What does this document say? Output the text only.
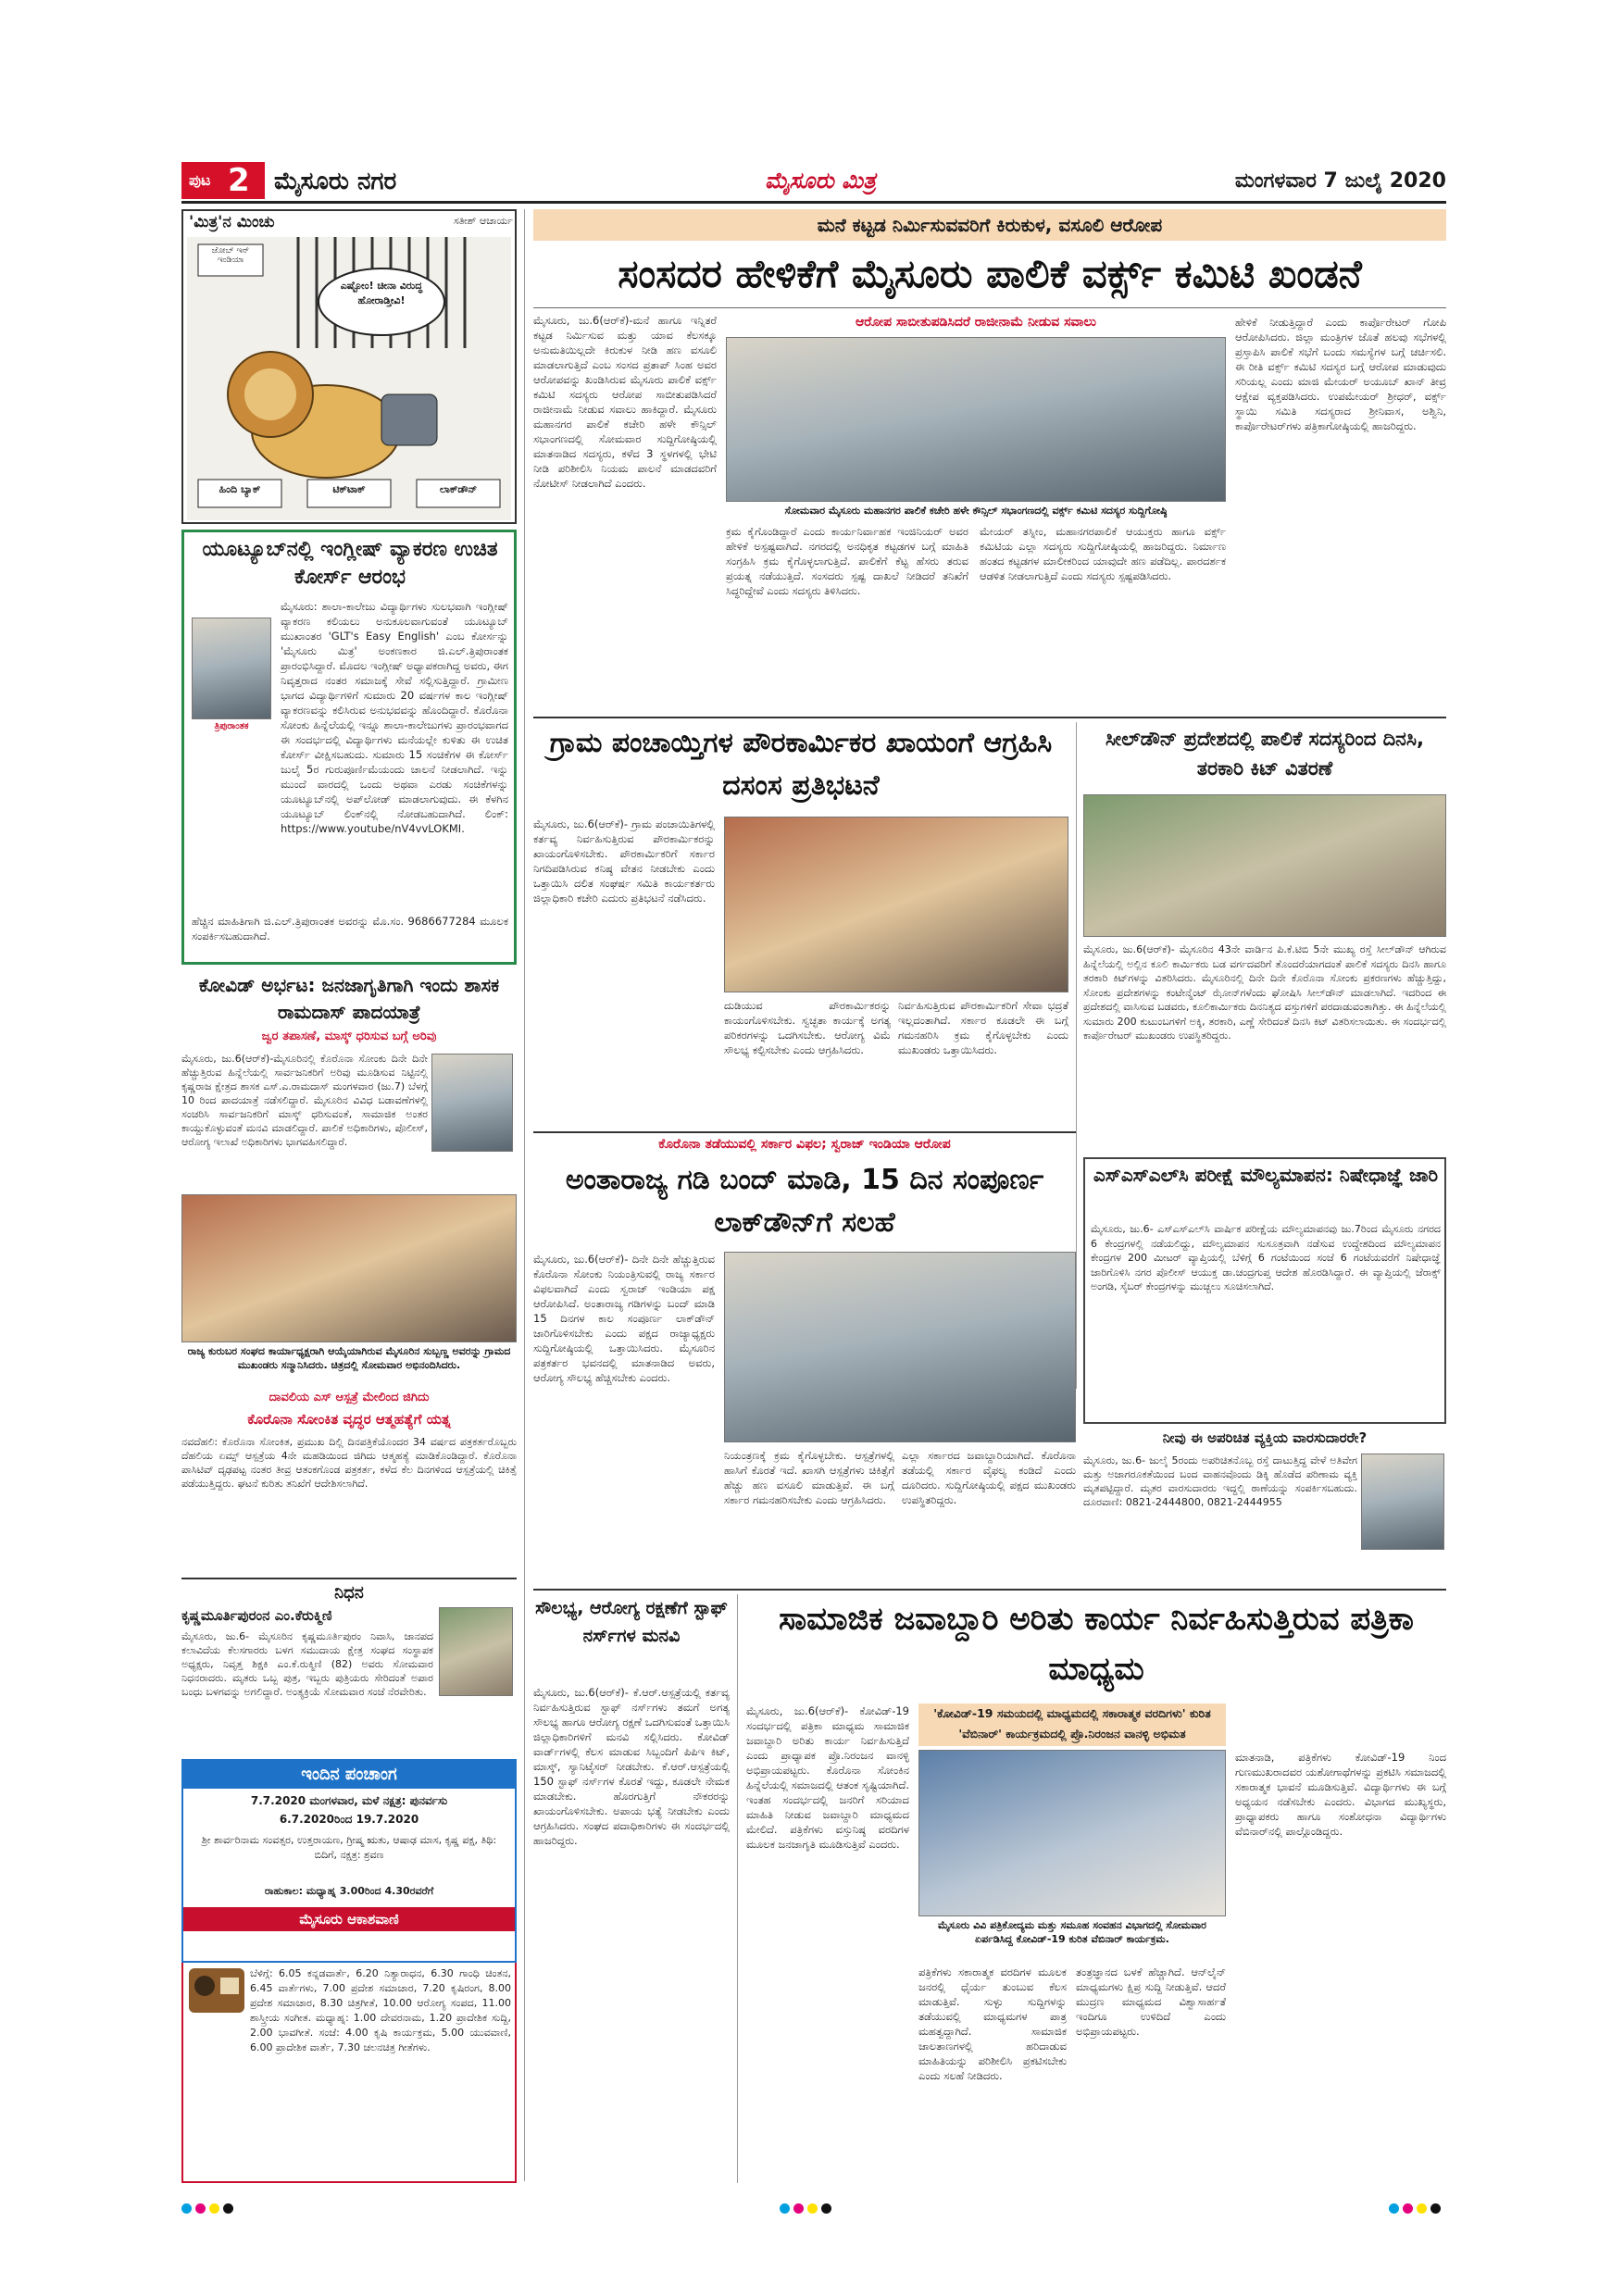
ಪುಟ 2 ಮೈಸೂರು ನಗರ	ಮೈಸೂರು ಮಿತ್ರ	ಮಂಗಳವಾರ 7 ಜುಲೈ 2020
'ಮಿತ್ರ'ನ ಮಿಂಚು	ಸತೀಶ್ ಆಚಾರ್ಯ
ಎಷ್ಟೋಂ! ಚೀನಾ ವಿರುದ್ಧ ಹೋರಾಡ್ತೀವಿ!
ಜೋಬ್ ಇನ್ ಇಂಡಿಯಾ
ಹಿಂದಿ ಬ್ಯಾಕ್	ಟಿಕ್‌ಟಾಕ್	ಲಾಕ್‌ಡೌನ್
ಯೂಟ್ಯೂಬ್‌ನಲ್ಲಿ ಇಂಗ್ಲೀಷ್ ವ್ಯಾಕರಣ ಉಚಿತ ಕೋರ್ಸ್ ಆರಂಭ
ತ್ರಿಪುರಾಂತಕ
ಮೈಸೂರು: ಶಾಲಾ-ಕಾಲೇಜು ವಿದ್ಯಾರ್ಥಿಗಳು ಸುಲಭವಾಗಿ ಇಂಗ್ಲೀಷ್ ವ್ಯಾಕರಣ ಕಲಿಯಲು ಅನುಕೂಲವಾಗುವಂತೆ ಯೂಟ್ಯೂಬ್ ಮುಖಾಂತರ 'GLT's Easy English' ಎಂಬ ಕೋರ್ಸನ್ನು 'ಮೈಸೂರು ಮಿತ್ರ' ಅಂಕಣಕಾರ ಜಿ.ಎಲ್.ತ್ರಿಪುರಾಂತಕ ಪ್ರಾರಂಭಿಸಿದ್ದಾರೆ. ಮೊದಲ ಇಂಗ್ಲೀಷ್ ಅಧ್ಯಾಪಕರಾಗಿದ್ದ ಅವರು, ಈಗ ನಿವೃತ್ತರಾದ ನಂತರ ಸಮಾಜಕ್ಕೆ ಸೇವೆ ಸಲ್ಲಿಸುತ್ತಿದ್ದಾರೆ. ಗ್ರಾಮೀಣ ಭಾಗದ ವಿದ್ಯಾರ್ಥಿಗಳಿಗೆ ಸುಮಾರು 20 ವರ್ಷಗಳ ಕಾಲ ಇಂಗ್ಲೀಷ್ ವ್ಯಾಕರಣವನ್ನು ಕಲಿಸಿರುವ ಅನುಭವವನ್ನು ಹೊಂದಿದ್ದಾರೆ. ಕೊರೊನಾ ಸೋಂಕು ಹಿನ್ನೆಲೆಯಲ್ಲಿ ಇನ್ನೂ ಶಾಲಾ-ಕಾಲೇಜುಗಳು ಪ್ರಾರಂಭವಾಗದ ಈ ಸಂದರ್ಭದಲ್ಲಿ ವಿದ್ಯಾರ್ಥಿಗಳು ಮನೆಯಲ್ಲೇ ಕುಳಿತು ಈ ಉಚಿತ ಕೋರ್ಸ್ ವೀಕ್ಷಿಸಬಹುದು. ಸುಮಾರು 15 ಸಂಚಿಕೆಗಳ ಈ ಕೋರ್ಸ್ ಜುಲೈ 5ರ ಗುರುಪೂರ್ಣಿಮೆಯಂದು ಚಾಲನೆ ನೀಡಲಾಗಿದೆ. ಇನ್ನು ಮುಂದೆ ವಾರದಲ್ಲಿ ಒಂದು ಅಥವಾ ಎರಡು ಸಂಚಿಕೆಗಳನ್ನು ಯೂಟ್ಯೂಬ್‌ನಲ್ಲಿ ಅಪ್‌ಲೋಡ್ ಮಾಡಲಾಗುವುದು. ಈ ಕೆಳಗಿನ ಯೂಟ್ಯೂಬ್ ಲಿಂಕ್‌ನಲ್ಲಿ ನೋಡಬಹುದಾಗಿದೆ. ಲಿಂಕ್: https://www.youtube/nV4vvLOKMI.
ಹೆಚ್ಚಿನ ಮಾಹಿತಿಗಾಗಿ ಜಿ.ಎಲ್.ತ್ರಿಪುರಾಂತಕ ಅವರನ್ನು ಮೊ.ಸಂ. 9686677284 ಮೂಲಕ ಸಂಪರ್ಕಿಸಬಹುದಾಗಿದೆ.
ಕೋವಿಡ್ ಅರ್ಭಟ: ಜನಜಾಗೃತಿಗಾಗಿ ಇಂದು ಶಾಸಕ ರಾಮದಾಸ್ ಪಾದಯಾತ್ರೆ
ಜ್ವರ ತಪಾಸಣೆ, ಮಾಸ್ಕ್ ಧರಿಸುವ ಬಗ್ಗೆ ಅರಿವು
ಮೈಸೂರು, ಜು.6(ಆರ್‌ಕೆ)-ಮೈಸೂರಿನಲ್ಲಿ ಕೊರೊನಾ ಸೋಂಕು ದಿನೇ ದಿನೇ ಹೆಚ್ಚುತ್ತಿರುವ ಹಿನ್ನೆಲೆಯಲ್ಲಿ ಸಾರ್ವಜನಿಕರಿಗೆ ಅರಿವು ಮೂಡಿಸುವ ನಿಟ್ಟಿನಲ್ಲಿ ಕೃಷ್ಣರಾಜ ಕ್ಷೇತ್ರದ ಶಾಸಕ ಎಸ್.ಎ.ರಾಮದಾಸ್ ಮಂಗಳವಾರ (ಜು.7) ಬೆಳಗ್ಗೆ 10 ರಿಂದ ಪಾದಯಾತ್ರೆ ನಡೆಸಲಿದ್ದಾರೆ. ಮೈಸೂರಿನ ವಿವಿಧ ಬಡಾವಣೆಗಳಲ್ಲಿ ಸಂಚರಿಸಿ ಸಾರ್ವಜನಿಕರಿಗೆ ಮಾಸ್ಕ್ ಧರಿಸುವಂತೆ, ಸಾಮಾಜಿಕ ಅಂತರ ಕಾಯ್ದುಕೊಳ್ಳುವಂತೆ ಮನವಿ ಮಾಡಲಿದ್ದಾರೆ. ಪಾಲಿಕೆ ಅಧಿಕಾರಿಗಳು, ಪೊಲೀಸ್, ಆರೋಗ್ಯ ಇಲಾಖೆ ಅಧಿಕಾರಿಗಳು ಭಾಗವಹಿಸಲಿದ್ದಾರೆ.
ರಾಜ್ಯ ಕುರುಬರ ಸಂಘದ ಕಾರ್ಯಾಧ್ಯಕ್ಷರಾಗಿ ಆಯ್ಕೆಯಾಗಿರುವ ಮೈಸೂರಿನ ಸುಬ್ಬಣ್ಣ ಅವರನ್ನು ಗ್ರಾಮದ ಮುಖಂಡರು ಸನ್ಮಾನಿಸಿದರು. ಚಿತ್ರದಲ್ಲಿ ಸೋಮವಾರ ಅಭಿನಂದಿಸಿದರು.
ದಾವಲಿಯ ಎಸ್ ಆಸ್ಪತ್ರೆ ಮೇಲಿಂದ ಜಿಗಿದು
ಕೊರೊನಾ ಸೋಂಕಿತ ವೃದ್ಧರ ಆತ್ಮಹತ್ಯೆಗೆ ಯತ್ನ
ನವದೆಹಲಿ: ಕೊರೊನಾ ಸೋಂಕಿತ, ಪ್ರಮುಖ ದಿಲ್ಲಿ ದಿನಪತ್ರಿಕೆಯೊಂದರ 34 ವರ್ಷದ ಪತ್ರಕರ್ತರೊಬ್ಬರು ದೆಹಲಿಯ ಏಮ್ಸ್ ಆಸ್ಪತ್ರೆಯ 4ನೇ ಮಹಡಿಯಿಂದ ಜಿಗಿದು ಆತ್ಮಹತ್ಯೆ ಮಾಡಿಕೊಂಡಿದ್ದಾರೆ. ಕೊರೊನಾ ಪಾಸಿಟಿವ್ ದೃಢಪಟ್ಟ ನಂತರ ತೀವ್ರ ಆತಂಕಗೊಂಡ ಪತ್ರಕರ್ತ, ಕಳೆದ ಕೆಲ ದಿನಗಳಿಂದ ಆಸ್ಪತ್ರೆಯಲ್ಲಿ ಚಿಕಿತ್ಸೆ ಪಡೆಯುತ್ತಿದ್ದರು. ಘಟನೆ ಕುರಿತು ತನಿಖೆಗೆ ಆದೇಶಿಸಲಾಗಿದೆ.
ನಿಧನ
ಕೃಷ್ಣಮೂರ್ತಿಪುರಂನ ಎಂ.ಕೆರುಕ್ಮಿಣಿ
ಮೈಸೂರು, ಜು.6- ಮೈಸೂರಿನ ಕೃಷ್ಣಮೂರ್ತಿಪುರಂ ನಿವಾಸಿ, ಜಾನಪದ ಕಲಾವಿದೆಯ ಕೆಲಸಗಾರರು ಬಳಗ ಸಮುದಾಯ ಕ್ಷೇತ್ರ ಸಂಘದ ಸಂಸ್ಥಾಪಕ ಅಧ್ಯಕ್ಷರು, ನಿವೃತ್ತ ಶಿಕ್ಷಕಿ ಎಂ.ಕೆ.ರುಕ್ಮಿಣಿ (82) ಅವರು ಸೋಮವಾರ ನಿಧನರಾದರು. ಮೃತರು ಒಬ್ಬ ಪುತ್ರ, ಇಬ್ಬರು ಪುತ್ರಿಯರು ಸೇರಿದಂತೆ ಅಪಾರ ಬಂಧು ಬಳಗವನ್ನು ಅಗಲಿದ್ದಾರೆ. ಅಂತ್ಯಕ್ರಿಯೆ ಸೋಮವಾರ ಸಂಜೆ ನೆರವೇರಿತು.
ಇಂದಿನ ಪಂಚಾಂಗ
7.7.2020 ಮಂಗಳವಾರ, ಮಳೆ ನಕ್ಷತ್ರ: ಪುನರ್ವಸು
6.7.2020ರಿಂದ 19.7.2020
ಶ್ರೀ ಶಾರ್ವರಿನಾಮ ಸಂವತ್ಸರ, ಉತ್ತರಾಯಣ, ಗ್ರೀಷ್ಮ ಋತು, ಆಷಾಢ ಮಾಸ, ಕೃಷ್ಣ ಪಕ್ಷ, ತಿಥಿ: ಬಿದಿಗೆ, ನಕ್ಷತ್ರ: ಶ್ರವಣ
ರಾಹುಕಾಲ: ಮಧ್ಯಾಹ್ನ 3.00ರಿಂದ 4.30ರವರೆಗೆ
ಮೈಸೂರು ಆಕಾಶವಾಣಿ
ಬೆಳಿಗ್ಗೆ: 6.05 ಕನ್ನಡವಾರ್ತೆ, 6.20 ನಿತ್ಯಾರಾಧನ, 6.30 ಗಾಂಧಿ ಚಿಂತನ, 6.45 ವಾರ್ತೆಗಳು, 7.00 ಪ್ರದೇಶ ಸಮಾಚಾರ, 7.20 ಕೃಷಿರಂಗ, 8.00 ಪ್ರದೇಶ ಸಮಾಚಾರ, 8.30 ಚಿತ್ರಗೀತೆ, 10.00 ಆರೋಗ್ಯ ಸಂಪದ, 11.00 ಶಾಸ್ತ್ರೀಯ ಸಂಗೀತ. ಮಧ್ಯಾಹ್ನ: 1.00 ದೇವರನಾಮ, 1.20 ಪ್ರಾದೇಶಿಕ ಸುದ್ದಿ, 2.00 ಭಾವಗೀತೆ. ಸಂಜೆ: 4.00 ಕೃಷಿ ಕಾರ್ಯಕ್ರಮ, 5.00 ಯುವವಾಣಿ, 6.00 ಪ್ರಾದೇಶಿಕ ವಾರ್ತೆ, 7.30 ಚಲನಚಿತ್ರ ಗೀತೆಗಳು.
ಮನೆ ಕಟ್ಟಡ ನಿರ್ಮಿಸುವವರಿಗೆ ಕಿರುಕುಳ, ವಸೂಲಿ ಆರೋಪ
ಸಂಸದರ ಹೇಳಿಕೆಗೆ ಮೈಸೂರು ಪಾಲಿಕೆ ವರ್ಕ್ಸ್ ಕಮಿಟಿ ಖಂಡನೆ
ಮೈಸೂರು, ಜು.6(ಆರ್‌ಕೆ)-ಮನೆ ಹಾಗೂ ಇನ್ನಿತರೆ ಕಟ್ಟಡ ನಿರ್ಮಿಸುವ ಮತ್ತು ಯಾವ ಕೆಲಸಕ್ಕೂ ಅನುಮತಿಯಿಲ್ಲದೇ ಕಿರುಕುಳ ನೀಡಿ ಹಣ ವಸೂಲಿ ಮಾಡಲಾಗುತ್ತಿದೆ ಎಂಬ ಸಂಸದ ಪ್ರತಾಪ್ ಸಿಂಹ ಅವರ ಆರೋಪವನ್ನು ಖಂಡಿಸಿರುವ ಮೈಸೂರು ಪಾಲಿಕೆ ವರ್ಕ್ಸ್ ಕಮಿಟಿ ಸದಸ್ಯರು ಆರೋಪ ಸಾಬೀತುಪಡಿಸಿದರೆ ರಾಜೀನಾಮೆ ನೀಡುವ ಸವಾಲು ಹಾಕಿದ್ದಾರೆ. ಮೈಸೂರು ಮಹಾನಗರ ಪಾಲಿಕೆ ಕಚೇರಿ ಹಳೇ ಕೌನ್ಸಿಲ್ ಸಭಾಂಗಣದಲ್ಲಿ ಸೋಮವಾರ ಸುದ್ದಿಗೋಷ್ಠಿಯಲ್ಲಿ ಮಾತನಾಡಿದ ಸದಸ್ಯರು, ಕಳೆದ 3 ಸ್ಥಳಗಳಲ್ಲಿ ಭೇಟಿ ನೀಡಿ ಪರಿಶೀಲಿಸಿ ನಿಯಮ ಪಾಲನೆ ಮಾಡದವರಿಗೆ ನೋಟೀಸ್ ನೀಡಲಾಗಿದೆ ಎಂದರು.
ಆರೋಪ ಸಾಬೀತುಪಡಿಸಿದರೆ ರಾಜೀನಾಮೆ ನೀಡುವ ಸವಾಲು
ಸೋಮವಾರ ಮೈಸೂರು ಮಹಾನಗರ ಪಾಲಿಕೆ ಕಚೇರಿ ಹಳೇ ಕೌನ್ಸಿಲ್ ಸಭಾಂಗಣದಲ್ಲಿ ವರ್ಕ್ಸ್ ಕಮಿಟಿ ಸದಸ್ಯರ ಸುದ್ದಿಗೋಷ್ಠಿ
ಕ್ರಮ ಕೈಗೊಂಡಿದ್ದಾರೆ ಎಂದು ಕಾರ್ಯನಿರ್ವಾಹಕ ಇಂಜಿನಿಯರ್ ಅವರ ಹೇಳಿಕೆ ಅಸ್ಪಷ್ಟವಾಗಿದೆ. ನಗರದಲ್ಲಿ ಅನಧಿಕೃತ ಕಟ್ಟಡಗಳ ಬಗ್ಗೆ ಮಾಹಿತಿ ಸಂಗ್ರಹಿಸಿ ಕ್ರಮ ಕೈಗೊಳ್ಳಲಾಗುತ್ತಿದೆ. ಪಾಲಿಕೆಗೆ ಕೆಟ್ಟ ಹೆಸರು ತರುವ ಪ್ರಯತ್ನ ನಡೆಯುತ್ತಿದೆ. ಸಂಸದರು ಸ್ಪಷ್ಟ ದಾಖಲೆ ನೀಡಿದರೆ ತನಿಖೆಗೆ ಸಿದ್ಧರಿದ್ದೇವೆ ಎಂದು ಸದಸ್ಯರು ತಿಳಿಸಿದರು.
ಮೇಯರ್ ತಸ್ನೀಂ, ಮಹಾನಗರಪಾಲಿಕೆ ಆಯುಕ್ತರು ಹಾಗೂ ವರ್ಕ್ಸ್ ಕಮಿಟಿಯ ಎಲ್ಲಾ ಸದಸ್ಯರು ಸುದ್ದಿಗೋಷ್ಠಿಯಲ್ಲಿ ಹಾಜರಿದ್ದರು. ನಿರ್ಮಾಣ ಹಂತದ ಕಟ್ಟಡಗಳ ಮಾಲೀಕರಿಂದ ಯಾವುದೇ ಹಣ ಪಡೆದಿಲ್ಲ. ಪಾರದರ್ಶಕ ಆಡಳಿತ ನೀಡಲಾಗುತ್ತಿದೆ ಎಂದು ಸದಸ್ಯರು ಸ್ಪಷ್ಟಪಡಿಸಿದರು.
ಹೇಳಿಕೆ ನೀಡುತ್ತಿದ್ದಾರೆ ಎಂದು ಕಾರ್ಪೊರೇಟರ್ ಗೋಪಿ ಆರೋಪಿಸಿದರು. ಜಿಲ್ಲಾ ಮಂತ್ರಿಗಳ ಜೊತೆ ಹಲವು ಸಭೆಗಳಲ್ಲಿ ಪ್ರಸ್ತಾಪಿಸಿ ಪಾಲಿಕೆ ಸಭೆಗೆ ಬಂದು ಸಮಸ್ಯೆಗಳ ಬಗ್ಗೆ ಚರ್ಚಿಸಲಿ. ಈ ರೀತಿ ವರ್ಕ್ಸ್ ಕಮಿಟಿ ಸದಸ್ಯರ ಬಗ್ಗೆ ಆರೋಪ ಮಾಡುವುದು ಸರಿಯಲ್ಲ ಎಂದು ಮಾಜಿ ಮೇಯರ್ ಅಯೂಬ್ ಖಾನ್ ತೀವ್ರ ಆಕ್ಷೇಪ ವ್ಯಕ್ತಪಡಿಸಿದರು. ಉಪಮೇಯರ್ ಶ್ರೀಧರ್, ವರ್ಕ್ಸ್ ಸ್ಥಾಯಿ ಸಮಿತಿ ಸದಸ್ಯರಾದ ಶ್ರೀನಿವಾಸ, ಅಶ್ವಿನಿ, ಕಾರ್ಪೊರೇಟರ್‌ಗಳು ಪತ್ರಿಕಾಗೋಷ್ಠಿಯಲ್ಲಿ ಹಾಜರಿದ್ದರು.
ಗ್ರಾಮ ಪಂಚಾಯ್ತಿಗಳ ಪೌರಕಾರ್ಮಿಕರ ಖಾಯಂಗೆ ಆಗ್ರಹಿಸಿ ದಸಂಸ ಪ್ರತಿಭಟನೆ
ಮೈಸೂರು, ಜು.6(ಆರ್‌ಕೆ)- ಗ್ರಾಮ ಪಂಚಾಯಿತಿಗಳಲ್ಲಿ ಕರ್ತವ್ಯ ನಿರ್ವಹಿಸುತ್ತಿರುವ ಪೌರಕಾರ್ಮಿಕರನ್ನು ಖಾಯಂಗೊಳಿಸಬೇಕು. ಪೌರಕಾರ್ಮಿಕರಿಗೆ ಸರ್ಕಾರ ನಿಗದಿಪಡಿಸಿರುವ ಕನಿಷ್ಠ ವೇತನ ನೀಡಬೇಕು ಎಂದು ಒತ್ತಾಯಿಸಿ ದಲಿತ ಸಂಘರ್ಷ ಸಮಿತಿ ಕಾರ್ಯಕರ್ತರು ಜಿಲ್ಲಾಧಿಕಾರಿ ಕಚೇರಿ ಎದುರು ಪ್ರತಿಭಟನೆ ನಡೆಸಿದರು.
ದುಡಿಯುವ ಪೌರಕಾರ್ಮಿಕರನ್ನು ಕಾಯಂಗೊಳಿಸಬೇಕು. ಸ್ವಚ್ಛತಾ ಕಾರ್ಯಕ್ಕೆ ಅಗತ್ಯ ಪರಿಕರಗಳನ್ನು ಒದಗಿಸಬೇಕು. ಆರೋಗ್ಯ ವಿಮೆ ಸೌಲಭ್ಯ ಕಲ್ಪಿಸಬೇಕು ಎಂದು ಆಗ್ರಹಿಸಿದರು.
ನಿರ್ವಹಿಸುತ್ತಿರುವ ಪೌರಕಾರ್ಮಿಕರಿಗೆ ಸೇವಾ ಭದ್ರತೆ ಇಲ್ಲದಂತಾಗಿದೆ. ಸರ್ಕಾರ ಕೂಡಲೇ ಈ ಬಗ್ಗೆ ಗಮನಹರಿಸಿ ಕ್ರಮ ಕೈಗೊಳ್ಳಬೇಕು ಎಂದು ಮುಖಂಡರು ಒತ್ತಾಯಿಸಿದರು.
ಸೀಲ್‌ಡೌನ್ ಪ್ರದೇಶದಲ್ಲಿ ಪಾಲಿಕೆ ಸದಸ್ಯರಿಂದ ದಿನಸಿ, ತರಕಾರಿ ಕಿಟ್ ವಿತರಣೆ
ಮೈಸೂರು, ಜು.6(ಆರ್‌ಕೆ)- ಮೈಸೂರಿನ 43ನೇ ವಾರ್ಡಿನ ಪಿ.ಕೆ.ಟಿಬಿ 5ನೇ ಮುಖ್ಯ ರಸ್ತೆ ಸೀಲ್‌ಡೌನ್ ಆಗಿರುವ ಹಿನ್ನೆಲೆಯಲ್ಲಿ ಅಲ್ಲಿನ ಕೂಲಿ ಕಾರ್ಮಿಕರು ಬಡ ವರ್ಗದವರಿಗೆ ತೊಂದರೆಯಾಗದಂತೆ ಪಾಲಿಕೆ ಸದಸ್ಯರು ದಿನಸಿ ಹಾಗೂ ತರಕಾರಿ ಕಿಟ್‌ಗಳನ್ನು ವಿತರಿಸಿದರು. ಮೈಸೂರಿನಲ್ಲಿ ದಿನೇ ದಿನೇ ಕೊರೊನಾ ಸೋಂಕು ಪ್ರಕರಣಗಳು ಹೆಚ್ಚುತ್ತಿದ್ದು, ಸೋಂಕು ಪ್ರದೇಶಗಳನ್ನು ಕಂಟೇನ್ಮೆಂಟ್ ಝೋನ್‌ಗಳೆಂದು ಘೋಷಿಸಿ ಸೀಲ್‌ಡೌನ್ ಮಾಡಲಾಗಿದೆ. ಇದರಿಂದ ಈ ಪ್ರದೇಶದಲ್ಲಿ ವಾಸಿಸುವ ಬಡವರು, ಕೂಲಿಕಾರ್ಮಿಕರು ದಿನನಿತ್ಯದ ವಸ್ತುಗಳಿಗೆ ಪರದಾಡುವಂತಾಗಿತ್ತು. ಈ ಹಿನ್ನೆಲೆಯಲ್ಲಿ ಸುಮಾರು 200 ಕುಟುಂಬಗಳಿಗೆ ಅಕ್ಕಿ, ತರಕಾರಿ, ಎಣ್ಣೆ ಸೇರಿದಂತೆ ದಿನಸಿ ಕಿಟ್ ವಿತರಿಸಲಾಯಿತು. ಈ ಸಂದರ್ಭದಲ್ಲಿ ಕಾರ್ಪೊರೇಟರ್ ಮುಖಂಡರು ಉಪಸ್ಥಿತರಿದ್ದರು.
ಎಸ್‌ಎಸ್‌ಎಲ್‌ಸಿ ಪರೀಕ್ಷೆ ಮೌಲ್ಯಮಾಪನ: ನಿಷೇಧಾಜ್ಞೆ ಜಾರಿ
ಮೈಸೂರು, ಜು.6- ಎಸ್‌ಎಸ್‌ಎಲ್‌ಸಿ ವಾರ್ಷಿಕ ಪರೀಕ್ಷೆಯ ಮೌಲ್ಯಮಾಪನವು ಜು.7ರಿಂದ ಮೈಸೂರು ನಗರದ 6 ಕೇಂದ್ರಗಳಲ್ಲಿ ನಡೆಯಲಿದ್ದು, ಮೌಲ್ಯಮಾಪನ ಸುಸೂತ್ರವಾಗಿ ನಡೆಸುವ ಉದ್ದೇಶದಿಂದ ಮೌಲ್ಯಮಾಪನ ಕೇಂದ್ರಗಳ 200 ಮೀಟರ್ ವ್ಯಾಪ್ತಿಯಲ್ಲಿ ಬೆಳಿಗ್ಗೆ 6 ಗಂಟೆಯಿಂದ ಸಂಜೆ 6 ಗಂಟೆಯವರೆಗೆ ನಿಷೇಧಾಜ್ಞೆ ಜಾರಿಗೊಳಿಸಿ ನಗರ ಪೊಲೀಸ್ ಆಯುಕ್ತ ಡಾ.ಚಂದ್ರಗುಪ್ತ ಆದೇಶ ಹೊರಡಿಸಿದ್ದಾರೆ. ಈ ವ್ಯಾಪ್ತಿಯಲ್ಲಿ ಜೆರಾಕ್ಸ್ ಅಂಗಡಿ, ಸೈಬರ್ ಕೇಂದ್ರಗಳನ್ನು ಮುಚ್ಚಲು ಸೂಚಿಸಲಾಗಿದೆ.
ಕೊರೊನಾ ತಡೆಯುವಲ್ಲಿ ಸರ್ಕಾರ ವಿಫಲ; ಸ್ವರಾಜ್ ಇಂಡಿಯಾ ಆರೋಪ
ಅಂತಾರಾಜ್ಯ ಗಡಿ ಬಂದ್ ಮಾಡಿ, 15 ದಿನ ಸಂಪೂರ್ಣ ಲಾಕ್‌ಡೌನ್‌ಗೆ ಸಲಹೆ
ಮೈಸೂರು, ಜು.6(ಆರ್‌ಕೆ)- ದಿನೇ ದಿನೇ ಹೆಚ್ಚುತ್ತಿರುವ ಕೊರೊನಾ ಸೋಂಕು ನಿಯಂತ್ರಿಸುವಲ್ಲಿ ರಾಜ್ಯ ಸರ್ಕಾರ ವಿಫಲವಾಗಿದೆ ಎಂದು ಸ್ವರಾಜ್ ಇಂಡಿಯಾ ಪಕ್ಷ ಆರೋಪಿಸಿದೆ. ಅಂತಾರಾಜ್ಯ ಗಡಿಗಳನ್ನು ಬಂದ್ ಮಾಡಿ 15 ದಿನಗಳ ಕಾಲ ಸಂಪೂರ್ಣ ಲಾಕ್‌ಡೌನ್ ಜಾರಿಗೊಳಿಸಬೇಕು ಎಂದು ಪಕ್ಷದ ರಾಜ್ಯಾಧ್ಯಕ್ಷರು ಸುದ್ದಿಗೋಷ್ಠಿಯಲ್ಲಿ ಒತ್ತಾಯಿಸಿದರು. ಮೈಸೂರಿನ ಪತ್ರಕರ್ತರ ಭವನದಲ್ಲಿ ಮಾತನಾಡಿದ ಅವರು, ಆರೋಗ್ಯ ಸೌಲಭ್ಯ ಹೆಚ್ಚಿಸಬೇಕು ಎಂದರು.
ನಿಯಂತ್ರಣಕ್ಕೆ ಕ್ರಮ ಕೈಗೊಳ್ಳಬೇಕು. ಆಸ್ಪತ್ರೆಗಳಲ್ಲಿ ಹಾಸಿಗೆ ಕೊರತೆ ಇದೆ. ಖಾಸಗಿ ಆಸ್ಪತ್ರೆಗಳು ಚಿಕಿತ್ಸೆಗೆ ಹೆಚ್ಚು ಹಣ ವಸೂಲಿ ಮಾಡುತ್ತಿವೆ. ಈ ಬಗ್ಗೆ ಸರ್ಕಾರ ಗಮನಹರಿಸಬೇಕು ಎಂದು ಆಗ್ರಹಿಸಿದರು.
ಎಲ್ಲಾ ಸರ್ಕಾರದ ಜವಾಬ್ದಾರಿಯಾಗಿದೆ. ಕೊರೊನಾ ತಡೆಯಲ್ಲಿ ಸರ್ಕಾರ ವೈಫಲ್ಯ ಕಂಡಿದೆ ಎಂದು ದೂರಿದರು. ಸುದ್ದಿಗೋಷ್ಠಿಯಲ್ಲಿ ಪಕ್ಷದ ಮುಖಂಡರು ಉಪಸ್ಥಿತರಿದ್ದರು.
ನೀವು ಈ ಅಪರಿಚಿತ ವ್ಯಕ್ತಿಯ ವಾರಸುದಾರರೇ?
ಮೈಸೂರು, ಜು.6- ಜುಲೈ 5ರಂದು ಅಪರಿಚಿತನೊಬ್ಬ ರಸ್ತೆ ದಾಟುತ್ತಿದ್ದ ವೇಳೆ ಅತಿವೇಗ ಮತ್ತು ಅಜಾಗರೂಕತೆಯಿಂದ ಬಂದ ವಾಹನವೊಂದು ಡಿಕ್ಕಿ ಹೊಡೆದ ಪರಿಣಾಮ ವ್ಯಕ್ತಿ ಮೃತಪಟ್ಟಿದ್ದಾರೆ. ಮೃತರ ವಾರಸುದಾರರು ಇದ್ದಲ್ಲಿ ಠಾಣೆಯನ್ನು ಸಂಪರ್ಕಿಸಬಹುದು. ದೂರವಾಣಿ: 0821-2444800, 0821-2444955
ಸೌಲಭ್ಯ, ಆರೋಗ್ಯ ರಕ್ಷಣೆಗೆ ಸ್ಟಾಫ್ ನರ್ಸ್‌ಗಳ ಮನವಿ
ಮೈಸೂರು, ಜು.6(ಆರ್‌ಕೆ)- ಕೆ.ಆರ್.ಆಸ್ಪತ್ರೆಯಲ್ಲಿ ಕರ್ತವ್ಯ ನಿರ್ವಹಿಸುತ್ತಿರುವ ಸ್ಟಾಫ್ ನರ್ಸ್‌ಗಳು ತಮಗೆ ಅಗತ್ಯ ಸೌಲಭ್ಯ ಹಾಗೂ ಆರೋಗ್ಯ ರಕ್ಷಣೆ ಒದಗಿಸುವಂತೆ ಒತ್ತಾಯಿಸಿ ಜಿಲ್ಲಾಧಿಕಾರಿಗಳಿಗೆ ಮನವಿ ಸಲ್ಲಿಸಿದರು. ಕೋವಿಡ್ ವಾರ್ಡ್‌ಗಳಲ್ಲಿ ಕೆಲಸ ಮಾಡುವ ಸಿಬ್ಬಂದಿಗೆ ಪಿಪಿಇ ಕಿಟ್, ಮಾಸ್ಕ್, ಸ್ಯಾನಿಟೈಸರ್ ನೀಡಬೇಕು. ಕೆ.ಆರ್.ಆಸ್ಪತ್ರೆಯಲ್ಲಿ 150 ಸ್ಟಾಫ್ ನರ್ಸ್‌ಗಳ ಕೊರತೆ ಇದ್ದು, ಕೂಡಲೇ ನೇಮಕ ಮಾಡಬೇಕು. ಹೊರಗುತ್ತಿಗೆ ನೌಕರರನ್ನು ಖಾಯಂಗೊಳಿಸಬೇಕು. ಅಪಾಯ ಭತ್ಯೆ ನೀಡಬೇಕು ಎಂದು ಆಗ್ರಹಿಸಿದರು. ಸಂಘದ ಪದಾಧಿಕಾರಿಗಳು ಈ ಸಂದರ್ಭದಲ್ಲಿ ಹಾಜರಿದ್ದರು.
ಸಾಮಾಜಿಕ ಜವಾಬ್ದಾರಿ ಅರಿತು ಕಾರ್ಯ ನಿರ್ವಹಿಸುತ್ತಿರುವ ಪತ್ರಿಕಾ ಮಾಧ್ಯಮ
ಮೈಸೂರು, ಜು.6(ಆರ್‌ಕೆ)- ಕೋವಿಡ್-19 ಸಂದರ್ಭದಲ್ಲಿ ಪತ್ರಿಕಾ ಮಾಧ್ಯಮ ಸಾಮಾಜಿಕ ಜವಾಬ್ದಾರಿ ಅರಿತು ಕಾರ್ಯ ನಿರ್ವಹಿಸುತ್ತಿದೆ ಎಂದು ಪ್ರಾಧ್ಯಾಪಕ ಪ್ರೊ.ನಿರಂಜನ ವಾನಳ್ಳಿ ಅಭಿಪ್ರಾಯಪಟ್ಟರು. ಕೊರೊನಾ ಸೋಂಕಿನ ಹಿನ್ನೆಲೆಯಲ್ಲಿ ಸಮಾಜದಲ್ಲಿ ಆತಂಕ ಸೃಷ್ಟಿಯಾಗಿದೆ. ಇಂತಹ ಸಂದರ್ಭದಲ್ಲಿ ಜನರಿಗೆ ಸರಿಯಾದ ಮಾಹಿತಿ ನೀಡುವ ಜವಾಬ್ದಾರಿ ಮಾಧ್ಯಮದ ಮೇಲಿದೆ. ಪತ್ರಿಕೆಗಳು ವಸ್ತುನಿಷ್ಠ ವರದಿಗಳ ಮೂಲಕ ಜನಜಾಗೃತಿ ಮೂಡಿಸುತ್ತಿವೆ ಎಂದರು.
'ಕೋವಿಡ್-19 ಸಮಯದಲ್ಲಿ ಮಾಧ್ಯಮದಲ್ಲಿ ಸಕಾರಾತ್ಮಕ ವರದಿಗಳು' ಕುರಿತ 'ವೆಬಿನಾರ್' ಕಾರ್ಯಕ್ರಮದಲ್ಲಿ ಪ್ರೊ.ನಿರಂಜನ ವಾನಳ್ಳಿ ಅಭಿಮತ
ಮೈಸೂರು ವಿವಿ ಪತ್ರಿಕೋದ್ಯಮ ಮತ್ತು ಸಮೂಹ ಸಂವಹನ ವಿಭಾಗದಲ್ಲಿ ಸೋಮವಾರ ಏರ್ಪಡಿಸಿದ್ದ ಕೋವಿಡ್-19 ಕುರಿತ ವೆಬಿನಾರ್ ಕಾರ್ಯಕ್ರಮ.
ಪತ್ರಿಕೆಗಳು ಸಕಾರಾತ್ಮಕ ವರದಿಗಳ ಮೂಲಕ ಜನರಲ್ಲಿ ಧೈರ್ಯ ತುಂಬುವ ಕೆಲಸ ಮಾಡುತ್ತಿವೆ. ಸುಳ್ಳು ಸುದ್ದಿಗಳನ್ನು ತಡೆಯುವಲ್ಲಿ ಮಾಧ್ಯಮಗಳ ಪಾತ್ರ ಮಹತ್ವದ್ದಾಗಿದೆ. ಸಾಮಾಜಿಕ ಜಾಲತಾಣಗಳಲ್ಲಿ ಹರಿದಾಡುವ ಮಾಹಿತಿಯನ್ನು ಪರಿಶೀಲಿಸಿ ಪ್ರಕಟಿಸಬೇಕು ಎಂದು ಸಲಹೆ ನೀಡಿದರು.
ತಂತ್ರಜ್ಞಾನದ ಬಳಕೆ ಹೆಚ್ಚಾಗಿದೆ. ಆನ್‌ಲೈನ್ ಮಾಧ್ಯಮಗಳು ಕ್ಷಿಪ್ರ ಸುದ್ದಿ ನೀಡುತ್ತಿವೆ. ಆದರೆ ಮುದ್ರಣ ಮಾಧ್ಯಮದ ವಿಶ್ವಾಸಾರ್ಹತೆ ಇಂದಿಗೂ ಉಳಿದಿದೆ ಎಂದು ಅಭಿಪ್ರಾಯಪಟ್ಟರು.
ಮಾತನಾಡಿ, ಪತ್ರಿಕೆಗಳು ಕೋವಿಡ್-19 ನಿಂದ ಗುಣಮುಖರಾದವರ ಯಶೋಗಾಥೆಗಳನ್ನು ಪ್ರಕಟಿಸಿ ಸಮಾಜದಲ್ಲಿ ಸಕಾರಾತ್ಮಕ ಭಾವನೆ ಮೂಡಿಸುತ್ತಿವೆ. ವಿದ್ಯಾರ್ಥಿಗಳು ಈ ಬಗ್ಗೆ ಅಧ್ಯಯನ ನಡೆಸಬೇಕು ಎಂದರು. ವಿಭಾಗದ ಮುಖ್ಯಸ್ಥರು, ಪ್ರಾಧ್ಯಾಪಕರು ಹಾಗೂ ಸಂಶೋಧನಾ ವಿದ್ಯಾರ್ಥಿಗಳು ವೆಬಿನಾರ್‌ನಲ್ಲಿ ಪಾಲ್ಗೊಂಡಿದ್ದರು.
